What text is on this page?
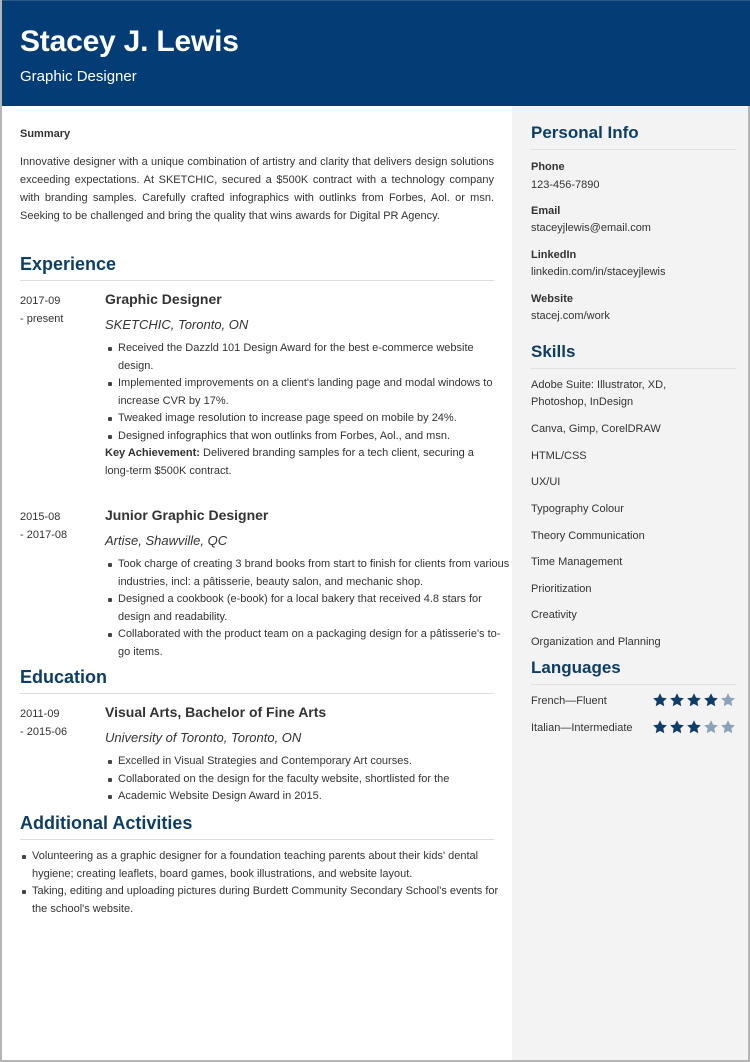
Stacey J. Lewis
Graphic Designer
Summary
Innovative designer with a unique combination of artistry and clarity that delivers design solutions exceeding expectations. At SKETCHIC, secured a $500K contract with a technology company with branding samples. Carefully crafted infographics with outlinks from Forbes, Aol. or msn. Seeking to be challenged and bring the quality that wins awards for Digital PR Agency.
Experience
2017-09
- present
Graphic Designer
SKETCHIC, Toronto, ON
Received the Dazzld 101 Design Award for the best e-commerce website design.
Implemented improvements on a client's landing page and modal windows to increase CVR by 17%.
Tweaked image resolution to increase page speed on mobile by 24%.
Designed infographics that won outlinks from Forbes, Aol., and msn.
Key Achievement: Delivered branding samples for a tech client, securing a long-term $500K contract.
2015-08
- 2017-08
Junior Graphic Designer
Artise, Shawville, QC
Took charge of creating 3 brand books from start to finish for clients from various industries, incl: a pâtisserie, beauty salon, and mechanic shop.
Designed a cookbook (e-book) for a local bakery that received 4.8 stars for design and readability.
Collaborated with the product team on a packaging design for a pâtisserie's to-go items.
Education
2011-09
- 2015-06
Visual Arts, Bachelor of Fine Arts
University of Toronto, Toronto, ON
Excelled in Visual Strategies and Contemporary Art courses.
Collaborated on the design for the faculty website, shortlisted for the
Academic Website Design Award in 2015.
Additional Activities
Volunteering as a graphic designer for a foundation teaching parents about their kids' dental hygiene; creating leaflets, board games, book illustrations, and website layout.
Taking, editing and uploading pictures during Burdett Community Secondary School's events for the school's website.
Personal Info
Phone
123-456-7890
Email
staceyjlewis@email.com
LinkedIn
linkedin.com/in/staceyjlewis
Website
stacej.com/work
Skills
Adobe Suite: Illustrator, XD, Photoshop, InDesign
Canva, Gimp, CorelDRAW
HTML/CSS
UX/UI
Typography Colour
Theory Communication
Time Management
Prioritization
Creativity
Organization and Planning
Languages
French—Fluent
Italian—Intermediate
